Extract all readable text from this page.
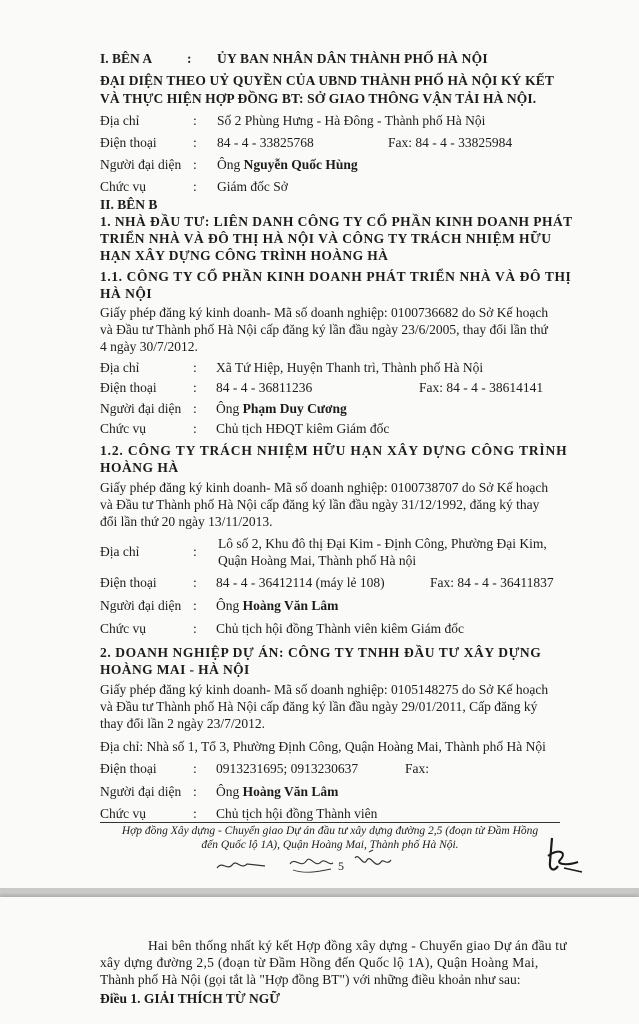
I. BÊN A	: ỦY BAN NHÂN DÂN THÀNH PHỐ HÀ NỘI
ĐẠI DIỆN THEO UỶ QUYỀN CỦA UBND THÀNH PHỐ HÀ NỘI KÝ KẾT
VÀ THỰC HIỆN HỢP ĐỒNG BT: SỞ GIAO THÔNG VẬN TẢI HÀ NỘI.
Địa chỉ	: Số 2 Phùng Hưng - Hà Đông - Thành phố Hà Nội
Điện thoại	: 84 - 4 - 33825768	Fax: 84 - 4 - 33825984
Người đại diện : Ông Nguyễn Quốc Hùng
Chức vụ	: Giám đốc Sở
II. BÊN B
1. NHÀ ĐẦU TƯ: LIÊN DANH CÔNG TY CỔ PHẦN KINH DOANH PHÁT
TRIỂN NHÀ VÀ ĐÔ THỊ HÀ NỘI VÀ CÔNG TY TRÁCH NHIỆM HỮU
HẠN XÂY DỰNG CÔNG TRÌNH HOÀNG HÀ
1.1. CÔNG TY CỔ PHẦN KINH DOANH PHÁT TRIỂN NHÀ VÀ ĐÔ THỊ
HÀ NỘI
Giấy phép đăng ký kinh doanh- Mã số doanh nghiệp: 0100736682 do Sở Kế hoạch
và Đầu tư Thành phố Hà Nội cấp đăng ký lần đầu ngày 23/6/2005, thay đổi lần thứ
4 ngày 30/7/2012.
Địa chỉ	: Xã Tứ Hiệp, Huyện Thanh trì, Thành phố Hà Nội
Điện thoại	: 84 - 4 - 36811236	Fax: 84 - 4 - 38614141
Người đại diện : Ông Phạm Duy Cương
Chức vụ	: Chủ tịch HĐQT kiêm Giám đốc
1.2. CÔNG TY TRÁCH NHIỆM HỮU HẠN XÂY DỰNG CÔNG TRÌNH
HOÀNG HÀ
Giấy phép đăng ký kinh doanh- Mã số doanh nghiệp: 0100738707 do Sở Kế hoạch
và Đầu tư Thành phố Hà Nội cấp đăng ký lần đầu ngày 31/12/1992, đăng ký thay
đổi lần thứ 20 ngày 13/11/2013.
Địa chỉ	:
Lô số 2, Khu đô thị Đại Kim - Định Công, Phường Đại Kim,
Quận Hoàng Mai, Thành phố Hà nội
Điện thoại	: 84 - 4 - 36412114 (máy lẻ 108)	Fax: 84 - 4 - 36411837
Người đại diện : Ông Hoàng Văn Lâm
Chức vụ	: Chủ tịch hội đồng Thành viên kiêm Giám đốc
2. DOANH NGHIỆP DỰ ÁN: CÔNG TY TNHH ĐẦU TƯ XÂY DỰNG
HOÀNG MAI - HÀ NỘI
Giấy phép đăng ký kinh doanh- Mã số doanh nghiệp: 0105148275 do Sở Kế hoạch
và Đầu tư Thành phố Hà Nội cấp đăng ký lần đầu ngày 29/01/2011, Cấp đăng ký
thay đổi lần 2 ngày 23/7/2012.
Địa chỉ: Nhà số 1, Tổ 3, Phường Định Công, Quận Hoàng Mai, Thành phố Hà Nội
Điện thoại	: 0913231695; 0913230637	Fax:
Người đại diện : Ông Hoàng Văn Lâm
Chức vụ	: Chủ tịch hội đồng Thành viên
Hợp đồng Xây dựng - Chuyển giao Dự án đầu tư xây dựng đường 2,5 (đoạn từ Đầm Hồng
đến Quốc lộ 1A), Quận Hoàng Mai, Thành phố Hà Nội.
5
Hai bên thống nhất ký kết Hợp đồng xây dựng - Chuyển giao Dự án đầu tư
xây dựng đường 2,5 (đoạn từ Đầm Hồng đến Quốc lộ 1A), Quận Hoàng Mai,
Thành phố Hà Nội (gọi tắt là "Hợp đồng BT") với những điều khoản như sau:
Điều 1. GIẢI THÍCH TỪ NGỮ
